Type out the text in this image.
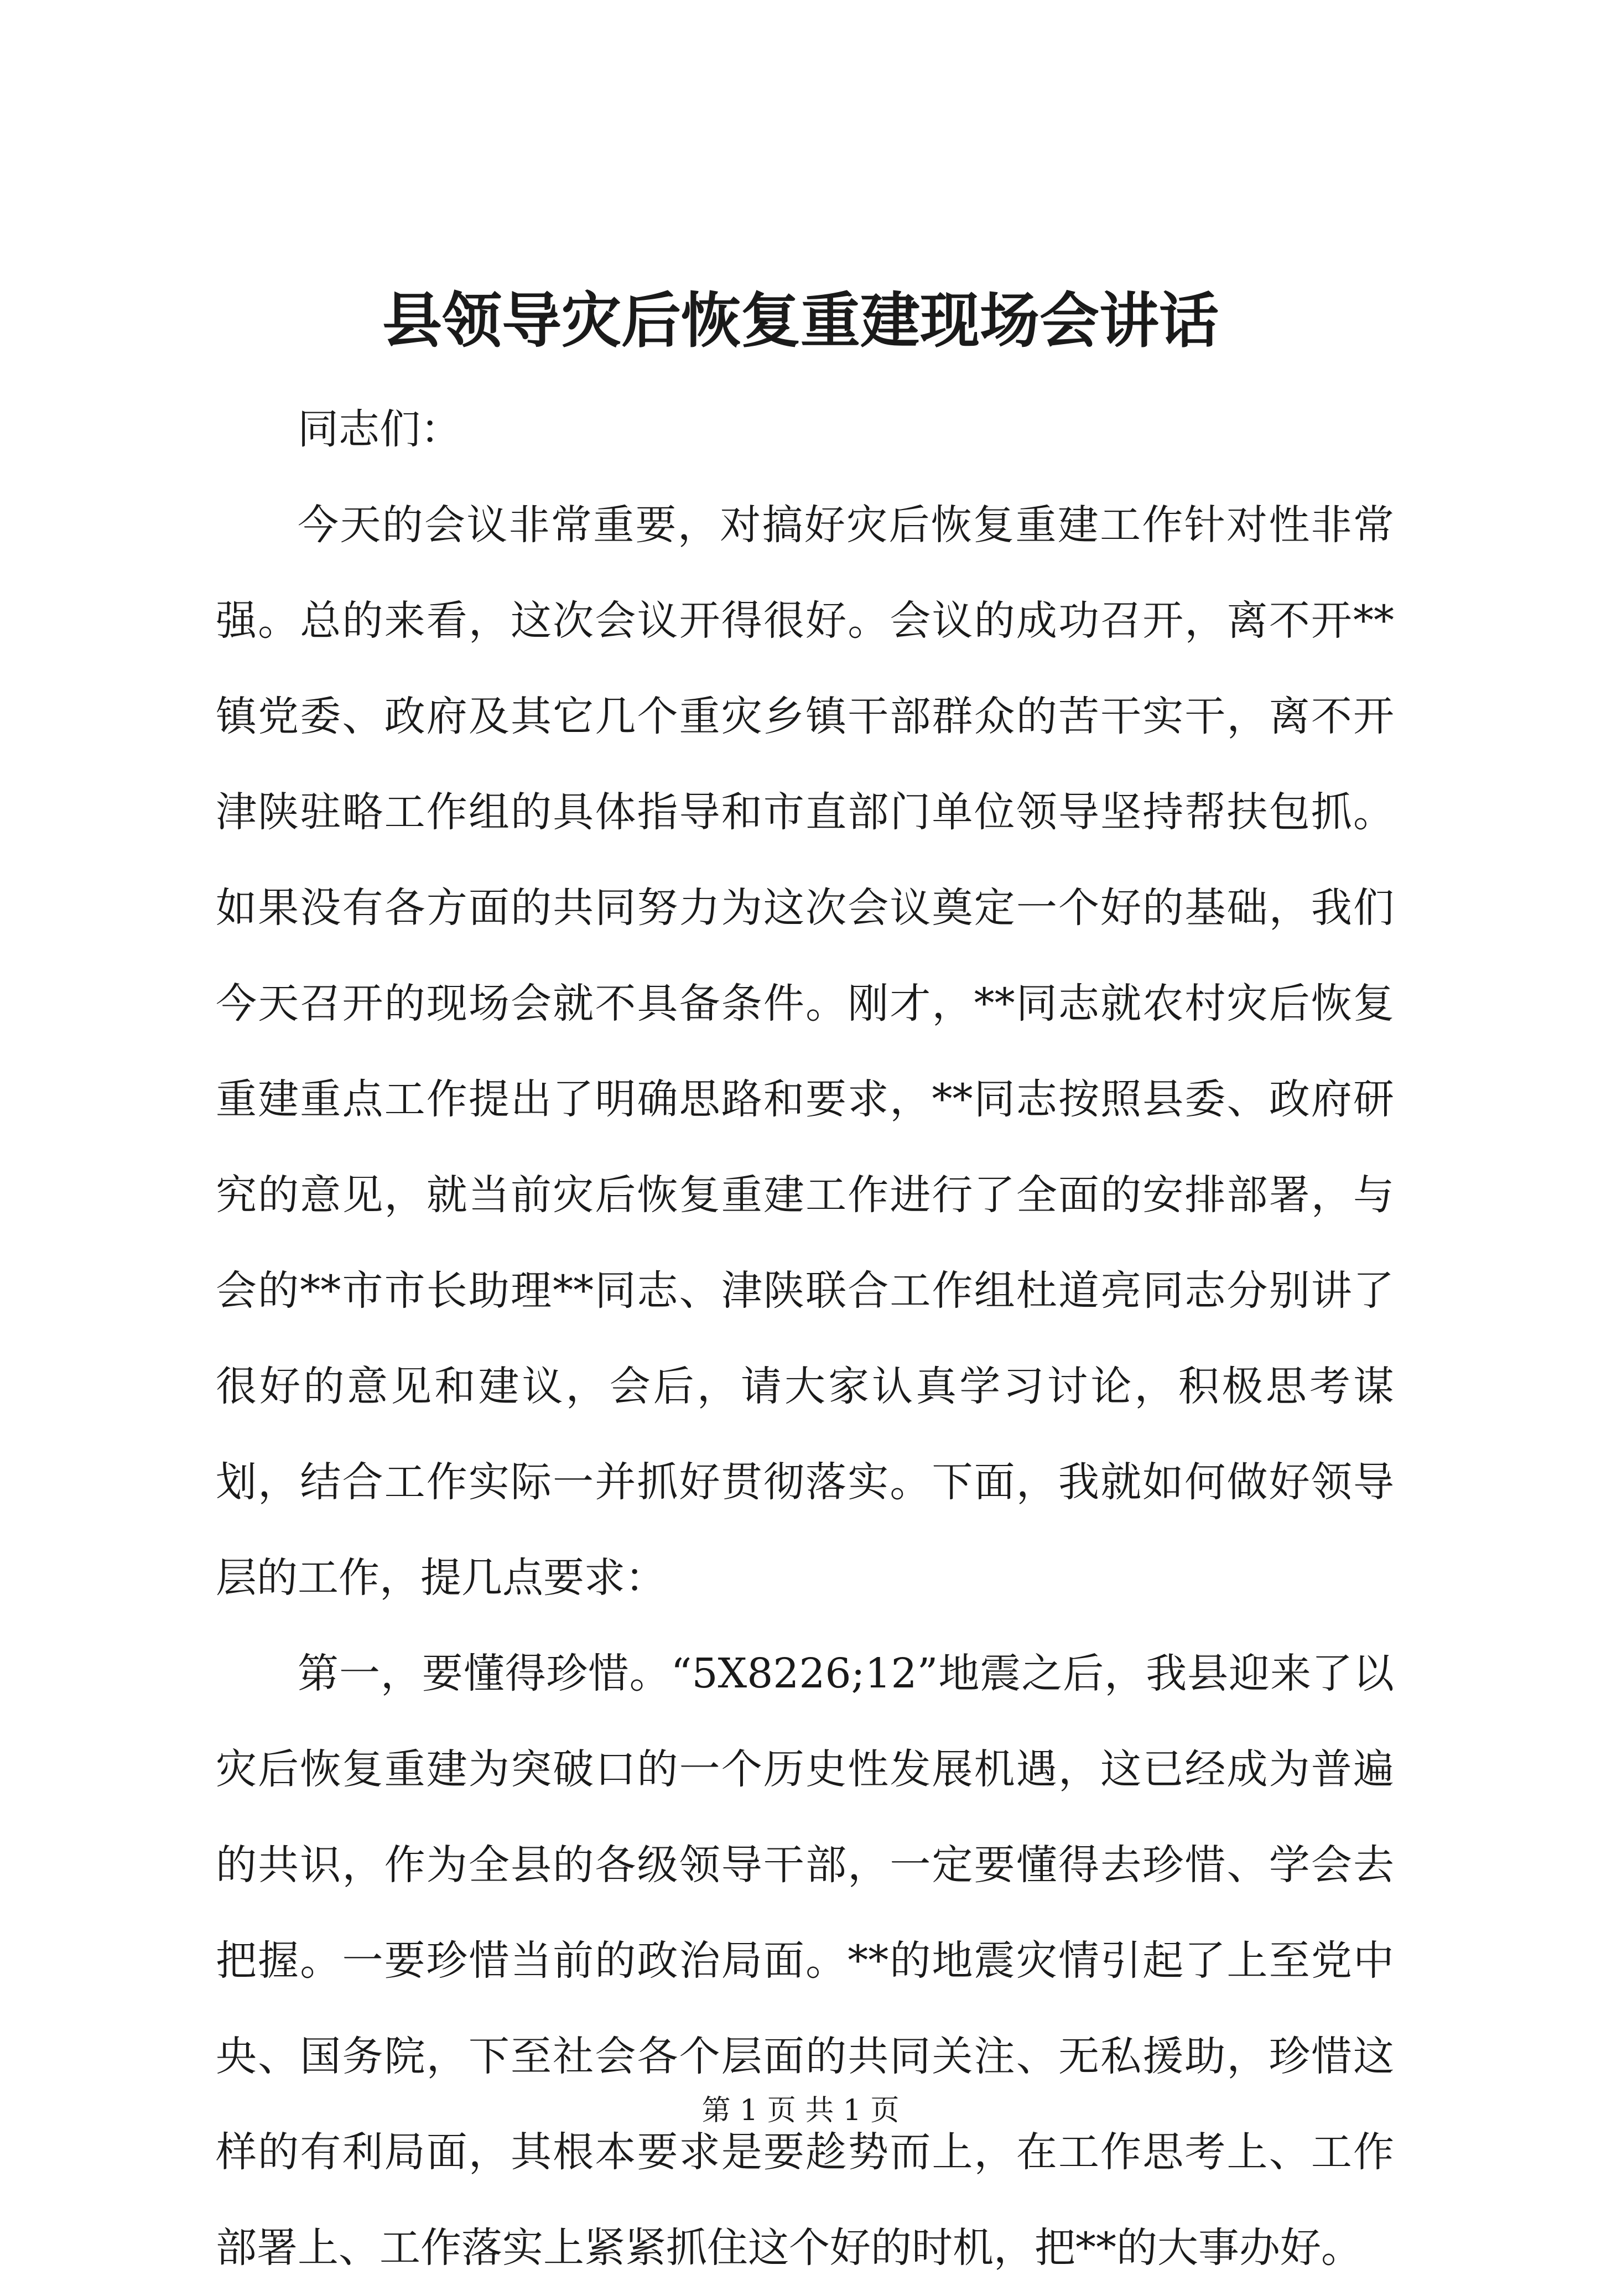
县领导灾后恢复重建现场会讲话

同志们：

今天的会议非常重要，对搞好灾后恢复重建工作针对性非常强。总的来看，这次会议开得很好。会议的成功召开，离不开**镇党委、政府及其它几个重灾乡镇干部群众的苦干实干，离不开津陕驻略工作组的具体指导和市直部门单位领导坚持帮扶包抓。如果没有各方面的共同努力为这次会议奠定一个好的基础，我们今天召开的现场会就不具备条件。刚才，**同志就农村灾后恢复重建重点工作提出了明确思路和要求，**同志按照县委、政府研究的意见，就当前灾后恢复重建工作进行了全面的安排部署，与会的**市市长助理**同志、津陕联合工作组杜道亮同志分别讲了很好的意见和建议，会后，请大家认真学习讨论，积极思考谋划，结合工作实际一并抓好贯彻落实。下面，我就如何做好领导层的工作，提几点要求：

第一，要懂得珍惜。“5X8226;12”地震之后，我县迎来了以灾后恢复重建为突破口的一个历史性发展机遇，这已经成为普遍的共识，作为全县的各级领导干部，一定要懂得去珍惜、学会去把握。一要珍惜当前的政治局面。**的地震灾情引起了上至党中央、国务院，下至社会各个层面的共同关注、无私援助，珍惜这样的有利局面，其根本要求是要趁势而上，在工作思考上、工作部署上、工作落实上紧紧抓住这个好的时机，把**的大事办好。

第 1 页 共 1 页
